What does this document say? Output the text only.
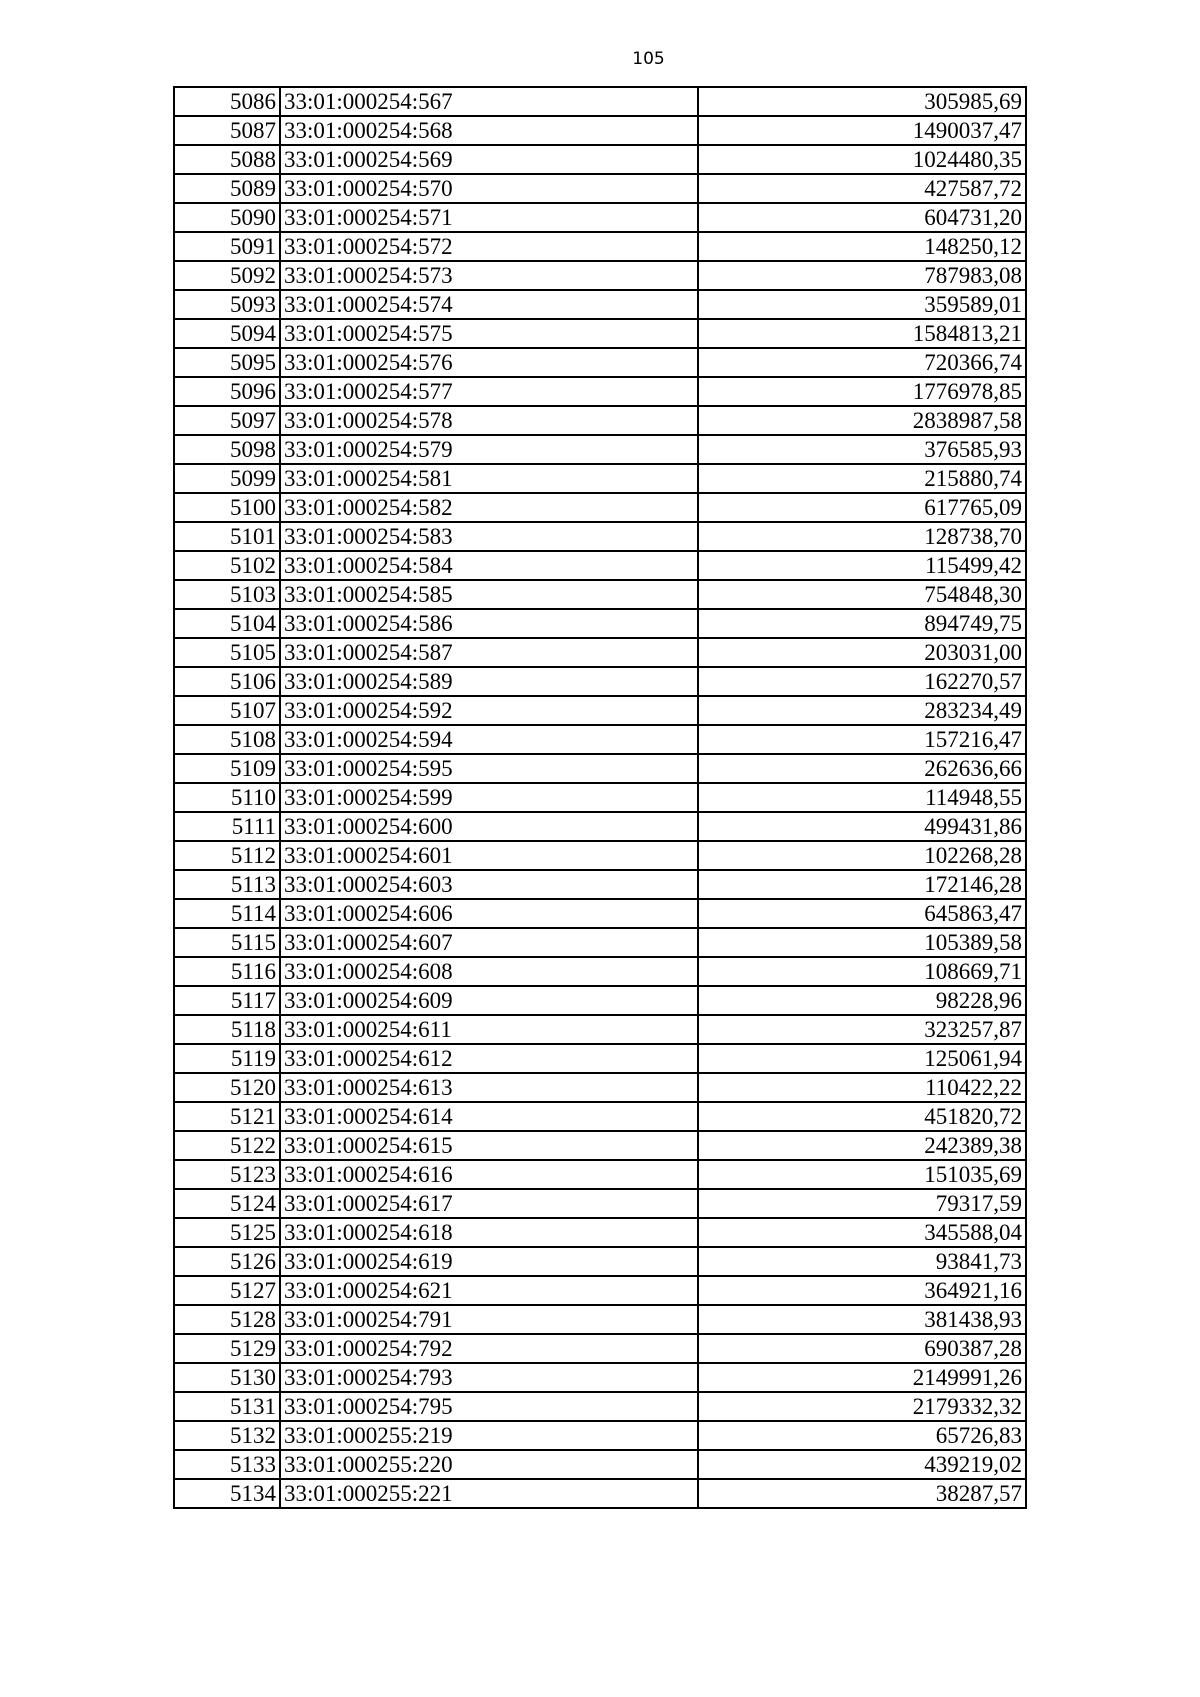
105
5086	33:01:000254:567	305985,69
5087	33:01:000254:568	1490037,47
5088	33:01:000254:569	1024480,35
5089	33:01:000254:570	427587,72
5090	33:01:000254:571	604731,20
5091	33:01:000254:572	148250,12
5092	33:01:000254:573	787983,08
5093	33:01:000254:574	359589,01
5094	33:01:000254:575	1584813,21
5095	33:01:000254:576	720366,74
5096	33:01:000254:577	1776978,85
5097	33:01:000254:578	2838987,58
5098	33:01:000254:579	376585,93
5099	33:01:000254:581	215880,74
5100	33:01:000254:582	617765,09
5101	33:01:000254:583	128738,70
5102	33:01:000254:584	115499,42
5103	33:01:000254:585	754848,30
5104	33:01:000254:586	894749,75
5105	33:01:000254:587	203031,00
5106	33:01:000254:589	162270,57
5107	33:01:000254:592	283234,49
5108	33:01:000254:594	157216,47
5109	33:01:000254:595	262636,66
5110	33:01:000254:599	114948,55
5111	33:01:000254:600	499431,86
5112	33:01:000254:601	102268,28
5113	33:01:000254:603	172146,28
5114	33:01:000254:606	645863,47
5115	33:01:000254:607	105389,58
5116	33:01:000254:608	108669,71
5117	33:01:000254:609	98228,96
5118	33:01:000254:611	323257,87
5119	33:01:000254:612	125061,94
5120	33:01:000254:613	110422,22
5121	33:01:000254:614	451820,72
5122	33:01:000254:615	242389,38
5123	33:01:000254:616	151035,69
5124	33:01:000254:617	79317,59
5125	33:01:000254:618	345588,04
5126	33:01:000254:619	93841,73
5127	33:01:000254:621	364921,16
5128	33:01:000254:791	381438,93
5129	33:01:000254:792	690387,28
5130	33:01:000254:793	2149991,26
5131	33:01:000254:795	2179332,32
5132	33:01:000255:219	65726,83
5133	33:01:000255:220	439219,02
5134	33:01:000255:221	38287,57
